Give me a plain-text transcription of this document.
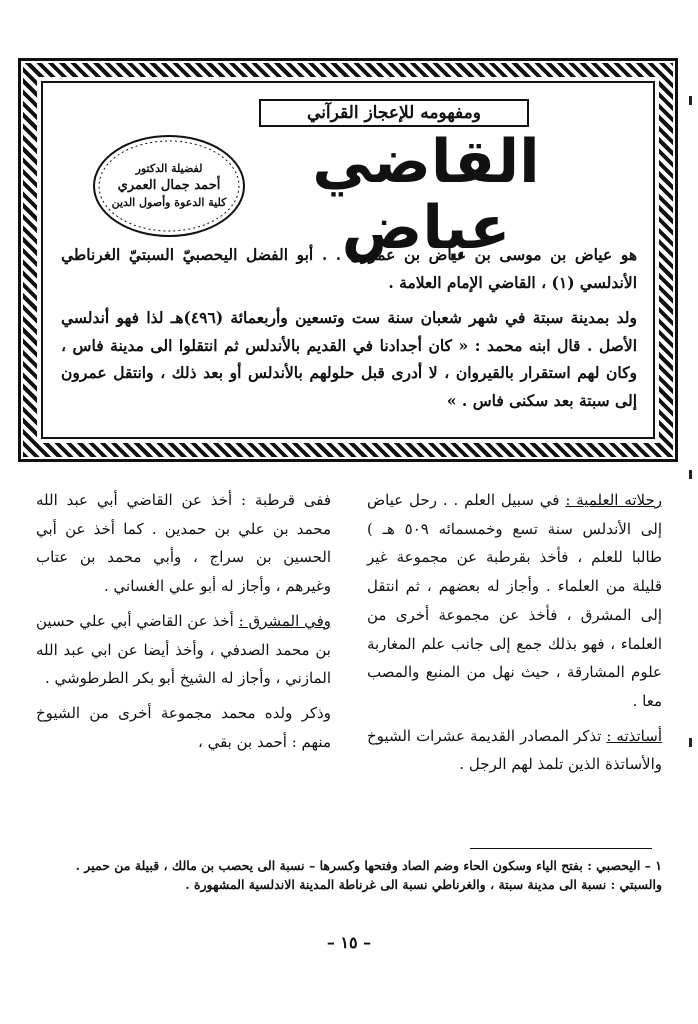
ومفهومه للإعجاز القرآني
القاضي عياض
لفضيلة الدكتور
أحمد جمال العمري
كلية الدعوة وأصول الدين

هو عياض بن موسى بن عياض بن عمرون . . أبو الفضل اليحصبيّ السبتيّ الغرناطي الأندلسي (١) ، القاضي الإمام العلامة .

ولد بمدينة سبتة في شهر شعبان سنة ست وتسعين وأربعمائة (٤٩٦)هـ لذا فهو أندلسي الأصل . قال ابنه محمد : « كان أجدادنا في القديم بالأندلس ثم انتقلوا الى مدينة فاس ، وكان لهم استقرار بالقيروان ، لا أدرى قبل حلولهم بالأندلس أو بعد ذلك ، وانتقل عمرون إلى سبتة بعد سكنى فاس . »

رحلاته العلمية : في سبيل العلم . . رحل عياض إلى الأندلس سنة تسع وخمسمائه ٥٠٩ هـ ) طالبا للعلم ، فأخذ بقرطبة عن مجموعة غير قليلة من العلماء . وأجاز له بعضهم ، ثم انتقل إلى المشرق ، فأخذ عن مجموعة أخرى من العلماء ، فهو بذلك جمع إلى جانب علم المغاربة علوم المشارقة ، حيث نهل من المنبع والمصب معا .

أساتذته : تذكر المصادر القديمة عشرات الشيوخ والأساتذة الذين تلمذ لهم الرجل .

ففى قرطبة : أخذ عن القاضي أبي عبد الله محمد بن علي بن حمدين . كما أخذ عن أبي الحسين بن سراج ، وأبي محمد بن عتاب وغيرهم ، وأجاز له أبو علي الغساني .

وفي المشرق : أخذ عن القاضي أبي علي حسين بن محمد الصدفي ، وأخذ أيضا عن ابي عبد الله المازني ، وأجاز له الشيخ أبو بكر الطرطوشي .

وذكر ولده محمد مجموعة أخرى من الشيوخ منهم : أحمد بن بقي ،

١ – اليحصبي : بفتح الياء وسكون الحاء وضم الصاد وفتحها وكسرها – نسبة الى يحصب بن مالك ، قبيلة من حمير .

والسبتي : نسبة الى مدينة سبتة ، والغرناطي نسبة الى غرناطة المدينة الاندلسية المشهورة .

– ١٥ –
